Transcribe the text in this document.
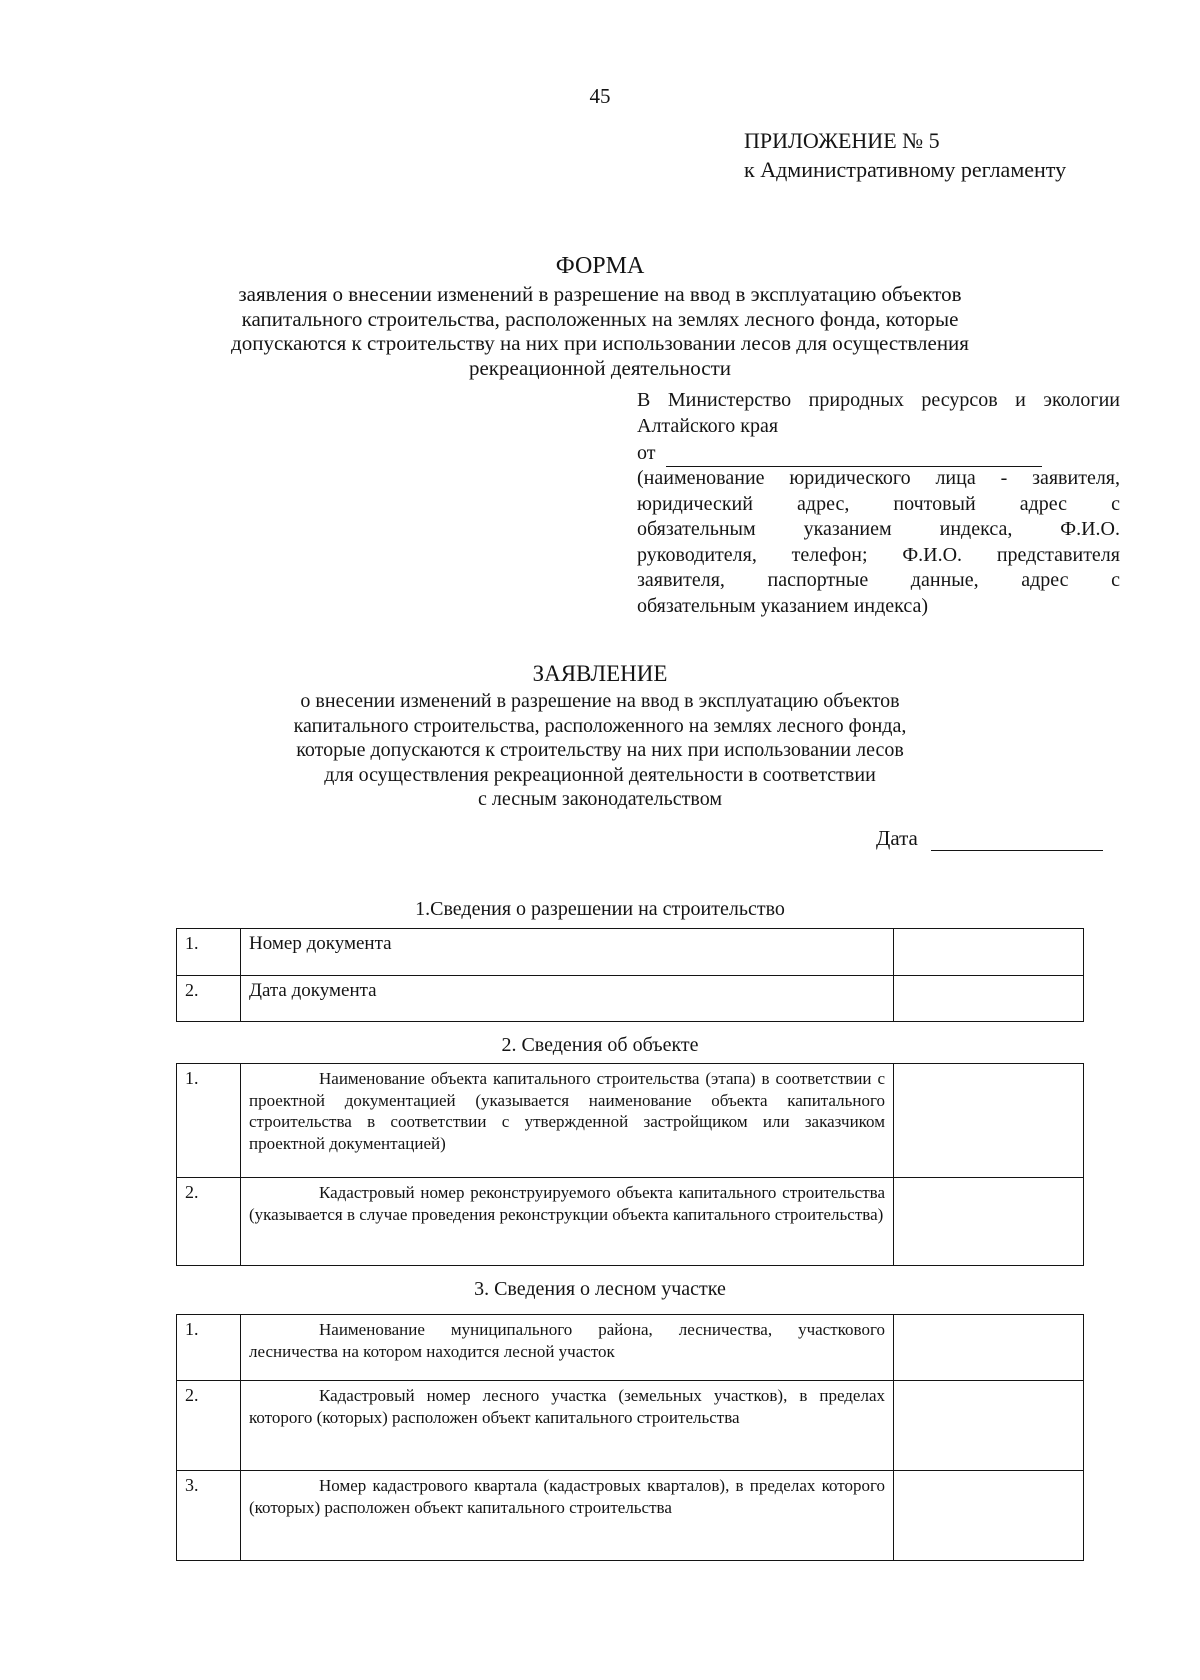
45
ПРИЛОЖЕНИЕ № 5
к Административному регламенту
ФОРМА
заявления о внесении изменений в разрешение на ввод в эксплуатацию объектов
капитального строительства, расположенных на землях лесного фонда, которые
допускаются к строительству на них при использовании лесов для осуществления
рекреационной деятельности
В Министерство природных ресурсов и экологии
Алтайского края
от
(наименование юридического лица - заявителя,
юридический адрес, почтовый адрес с
обязательным указанием индекса, Ф.И.О.
руководителя, телефон; Ф.И.О. представителя
заявителя, паспортные данные, адрес с
обязательным указанием индекса)
ЗАЯВЛЕНИЕ
о внесении изменений в разрешение на ввод в эксплуатацию объектов
капитального строительства, расположенного на землях лесного фонда,
которые допускаются к строительству на них при использовании лесов
для осуществления рекреационной деятельности в соответствии
с лесным законодательством
Дата
1.Сведения о разрешении на строительство
1.	Номер документа	
2.	Дата документа	
2. Сведения об объекте
1.	Наименование объекта капитального строительства (этапа) в соответствии с проектной документацией (указывается наименование объекта капитального строительства в соответствии с утвержденной застройщиком или заказчиком проектной документацией)	
2.	Кадастровый номер реконструируемого объекта капитального строительства (указывается в случае проведения реконструкции объекта капитального строительства)	
3. Сведения о лесном участке
1.	Наименование муниципального района, лесничества, участкового лесничества на котором находится лесной участок	
2.	Кадастровый номер лесного участка (земельных участков), в пределах которого (которых) расположен объект капитального строительства	
3.	Номер кадастрового квартала (кадастровых кварталов), в пределах которого (которых) расположен объект капитального строительства	
